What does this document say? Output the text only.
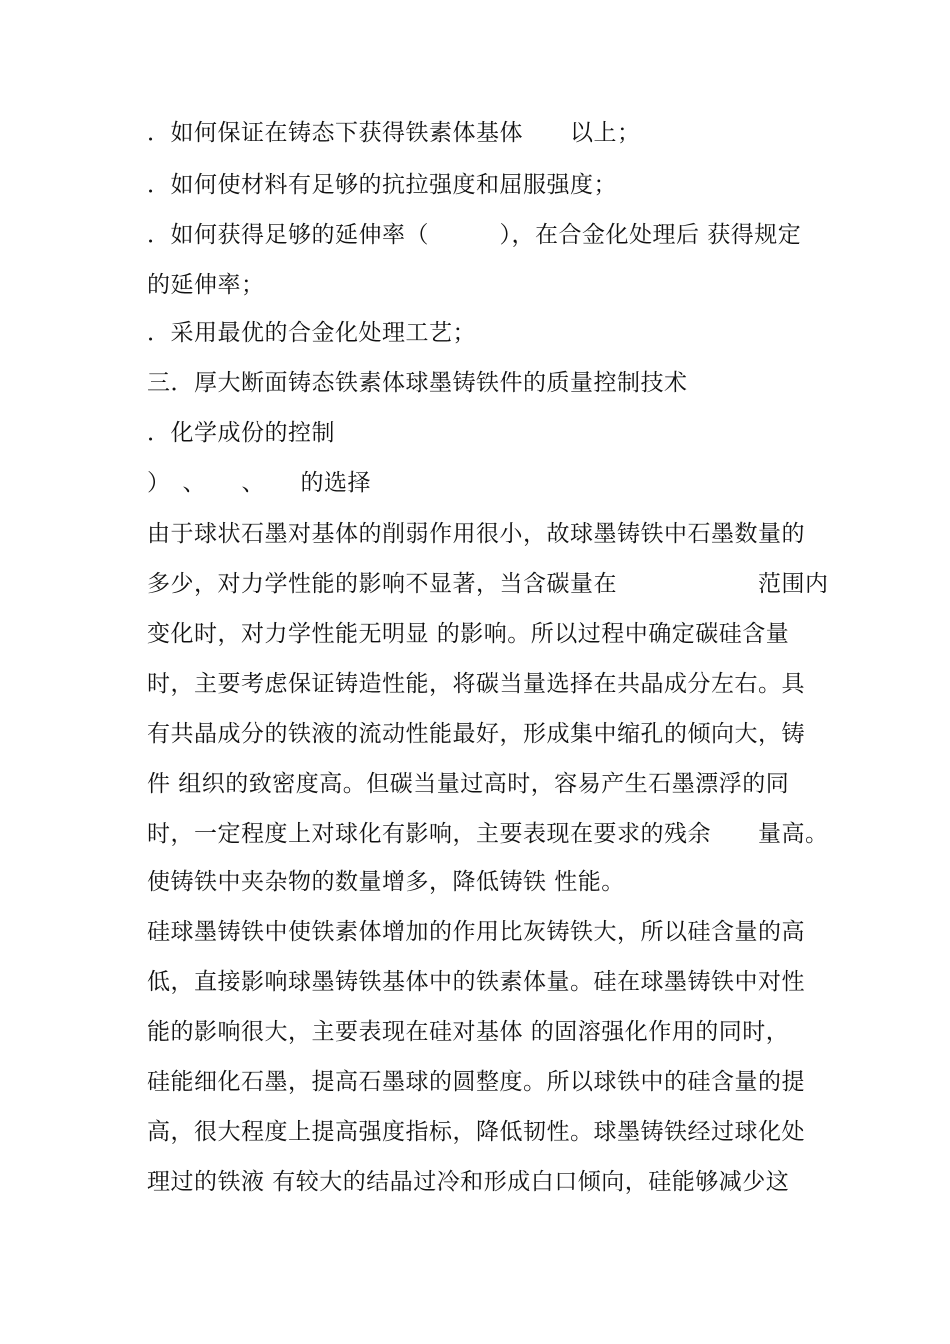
．如何保证在铸态下获得铁素体基体　　以上；
．如何使材料有足够的抗拉强度和屈服强度；
．如何获得足够的延伸率（　　　），在合金化处理后 获得规定
的延伸率；
．采用最优的合金化处理工艺；
三．厚大断面铸态铁素体球墨铸铁件的质量控制技术
．化学成份的控制
）　、　　、　　的选择
由于球状石墨对基体的削弱作用很小，故球墨铸铁中石墨数量的
多少，对力学性能的影响不显著，当含碳量在　　　　　　范围内
变化时，对力学性能无明显 的影响。所以过程中确定碳硅含量
时，主要考虑保证铸造性能，将碳当量选择在共晶成分左右。具
有共晶成分的铁液的流动性能最好，形成集中缩孔的倾向大，铸
件 组织的致密度高。但碳当量过高时，容易产生石墨漂浮的同
时，一定程度上对球化有影响，主要表现在要求的残余　　量高。
使铸铁中夹杂物的数量增多，降低铸铁 性能。
硅球墨铸铁中使铁素体增加的作用比灰铸铁大，所以硅含量的高
低，直接影响球墨铸铁基体中的铁素体量。硅在球墨铸铁中对性
能的影响很大，主要表现在硅对基体 的固溶强化作用的同时，
硅能细化石墨，提高石墨球的圆整度。所以球铁中的硅含量的提
高，很大程度上提高强度指标，降低韧性。球墨铸铁经过球化处
理过的铁液 有较大的结晶过冷和形成白口倾向，硅能够减少这
